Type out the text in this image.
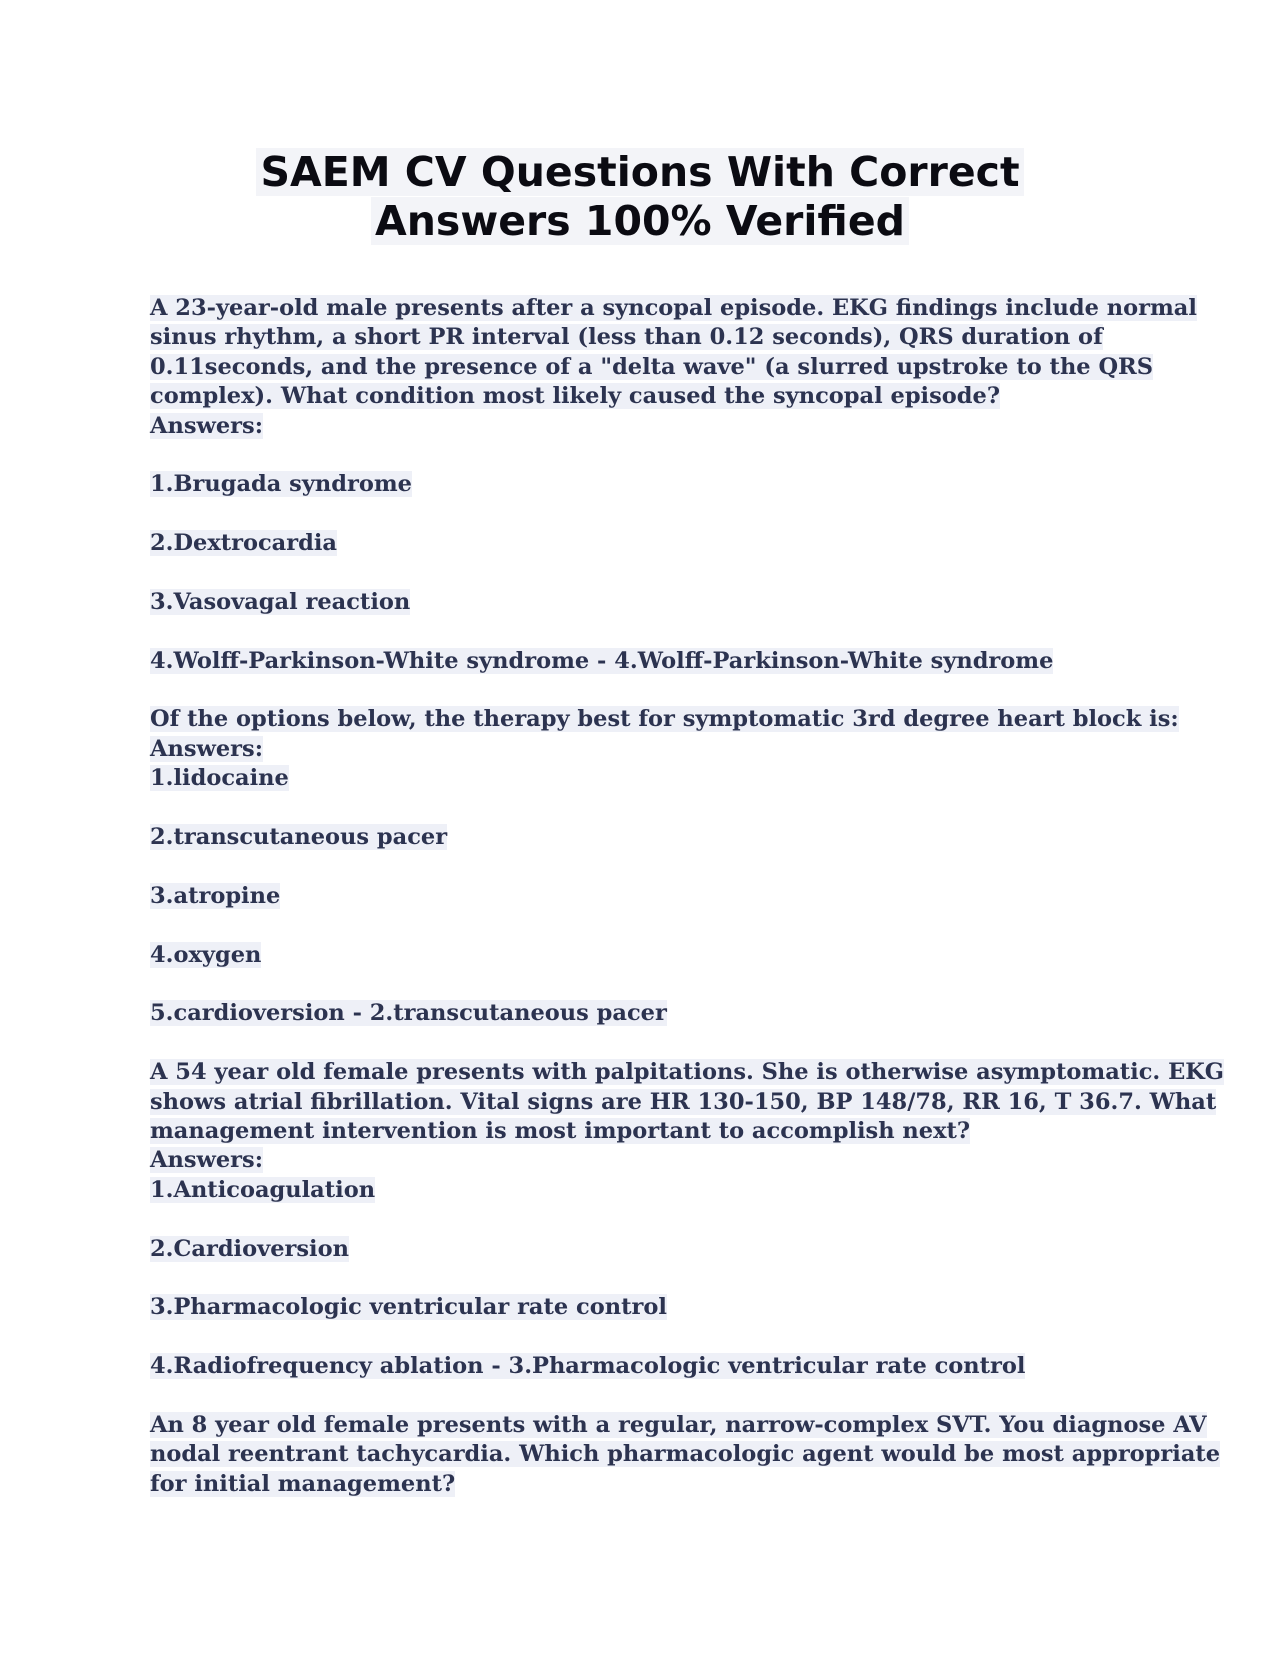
SAEM CV Questions With Correct
Answers 100% Verified
A 23-year-old male presents after a syncopal episode. EKG findings include normal
sinus rhythm, a short PR interval (less than 0.12 seconds), QRS duration of
0.11seconds, and the presence of a "delta wave" (a slurred upstroke to the QRS
complex). What condition most likely caused the syncopal episode?
Answers:
1.Brugada syndrome
2.Dextrocardia
3.Vasovagal reaction
4.Wolff-Parkinson-White syndrome - 4.Wolff-Parkinson-White syndrome
Of the options below, the therapy best for symptomatic 3rd degree heart block is:
Answers:
1.lidocaine
2.transcutaneous pacer
3.atropine
4.oxygen
5.cardioversion - 2.transcutaneous pacer
A 54 year old female presents with palpitations. She is otherwise asymptomatic. EKG
shows atrial fibrillation. Vital signs are HR 130-150, BP 148/78, RR 16, T 36.7. What
management intervention is most important to accomplish next?
Answers:
1.Anticoagulation
2.Cardioversion
3.Pharmacologic ventricular rate control
4.Radiofrequency ablation - 3.Pharmacologic ventricular rate control
An 8 year old female presents with a regular, narrow-complex SVT. You diagnose AV
nodal reentrant tachycardia. Which pharmacologic agent would be most appropriate
for initial management?
